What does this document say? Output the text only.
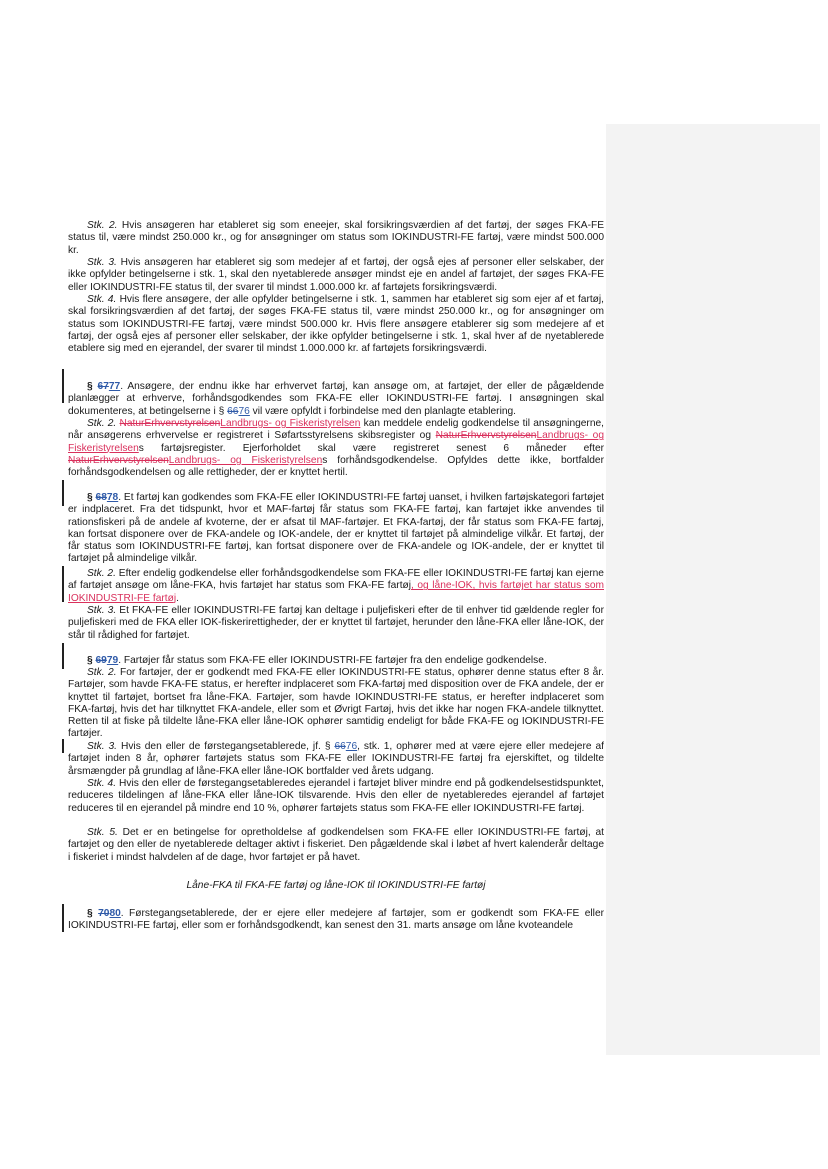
Stk. 2. Hvis ansøgeren har etableret sig som eneejer, skal forsikringsværdien af det fartøj, der søges FKA-FE status til, være mindst 250.000 kr., og for ansøgninger om status som IOKINDUSTRI-FE fartøj, være mindst 500.000 kr.

Stk. 3. Hvis ansøgeren har etableret sig som medejer af et fartøj, der også ejes af personer eller selskaber, der ikke opfylder betingelserne i stk. 1, skal den nyetablerede ansøger mindst eje en andel af fartøjet, der søges FKA-FE eller IOKINDUSTRI-FE status til, der svarer til mindst 1.000.000 kr. af fartøjets forsikringsværdi.

Stk. 4. Hvis flere ansøgere, der alle opfylder betingelserne i stk. 1, sammen har etableret sig som ejer af et fartøj, skal forsikringsværdien af det fartøj, der søges FKA-FE status til, være mindst 250.000 kr., og for ansøgninger om status som IOKINDUSTRI-FE fartøj, være mindst 500.000 kr. Hvis flere ansøgere etablerer sig som medejere af et fartøj, der også ejes af personer eller selskaber, der ikke opfylder betingelserne i stk. 1, skal hver af de nyetablerede etablere sig med en ejerandel, der svarer til mindst 1.000.000 kr. af fartøjets forsikringsværdi.

§ 6777. Ansøgere, der endnu ikke har erhvervet fartøj, kan ansøge om, at fartøjet, der eller de pågældende planlægger at erhverve, forhåndsgodkendes som FKA-FE eller IOKINDUSTRI-FE fartøj. I ansøgningen skal dokumenteres, at betingelserne i § 6676 vil være opfyldt i forbindelse med den planlagte etablering.

Stk. 2. NaturErhvervstyrelsenLandbrugs- og Fiskeristyrelsen kan meddele endelig godkendelse til ansøgningerne, når ansøgerens erhvervelse er registreret i Søfartsstyrelsens skibsregister og NaturErhvervstyrelsenLandbrugs- og Fiskeristyrelsens fartøjsregister. Ejerforholdet skal være registreret senest 6 måneder efter NaturErhvervstyrelsenLandbrugs- og Fiskeristyrelsens forhåndsgodkendelse. Opfyldes dette ikke, bortfalder forhåndsgodkendelsen og alle rettigheder, der er knyttet hertil.

§ 6878. Et fartøj kan godkendes som FKA-FE eller IOKINDUSTRI-FE fartøj uanset, i hvilken fartøjskategori fartøjet er indplaceret. Fra det tidspunkt, hvor et MAF-fartøj får status som FKA-FE fartøj, kan fartøjet ikke anvendes til rationsfiskeri på de andele af kvoterne, der er afsat til MAF-fartøjer. Et FKA-fartøj, der får status som FKA-FE fartøj, kan fortsat disponere over de FKA-andele og IOK-andele, der er knyttet til fartøjet på almindelige vilkår. Et fartøj, der får status som IOKINDUSTRI-FE fartøj, kan fortsat disponere over de FKA-andele og IOK-andele, der er knyttet til fartøjet på almindelige vilkår.

Stk. 2. Efter endelig godkendelse eller forhåndsgodkendelse som FKA-FE eller IOKINDUSTRI-FE fartøj kan ejerne af fartøjet ansøge om låne-FKA, hvis fartøjet har status som FKA-FE fartøj, og låne-IOK, hvis fartøjet har status som IOKINDUSTRI-FE fartøj.

Stk. 3. Et FKA-FE eller IOKINDUSTRI-FE fartøj kan deltage i puljefiskeri efter de til enhver tid gældende regler for puljefiskeri med de FKA eller IOK-fiskerirettigheder, der er knyttet til fartøjet, herunder den låne-FKA eller låne-IOK, der står til rådighed for fartøjet.

§ 6979. Fartøjer får status som FKA-FE eller IOKINDUSTRI-FE fartøjer fra den endelige godkendelse.

Stk. 2. For fartøjer, der er godkendt med FKA-FE eller IOKINDUSTRI-FE status, ophører denne status efter 8 år. Fartøjer, som havde FKA-FE status, er herefter indplaceret som FKA-fartøj med disposition over de FKA andele, der er knyttet til fartøjet, bortset fra låne-FKA. Fartøjer, som havde IOKINDUSTRI-FE status, er herefter indplaceret som FKA-fartøj, hvis det har tilknyttet FKA-andele, eller som et Øvrigt Fartøj, hvis det ikke har nogen FKA-andele tilknyttet. Retten til at fiske på tildelte låne-FKA eller låne-IOK ophører samtidig endeligt for både FKA-FE og IOKINDUSTRI-FE fartøjer.

Stk. 3. Hvis den eller de førstegangsetablerede, jf. § 6676, stk. 1, ophører med at være ejere eller medejere af fartøjet inden 8 år, ophører fartøjets status som FKA-FE eller IOKINDUSTRI-FE fartøj fra ejerskiftet, og tildelte årsmængder på grundlag af låne-FKA eller låne-IOK bortfalder ved årets udgang.

Stk. 4. Hvis den eller de førstegangsetableredes ejerandel i fartøjet bliver mindre end på godkendelsestidspunktet, reduceres tildelingen af låne-FKA eller låne-IOK tilsvarende. Hvis den eller de nyetableredes ejerandel af fartøjet reduceres til en ejerandel på mindre end 10 %, ophører fartøjets status som FKA-FE eller IOKINDUSTRI-FE fartøj.

Stk. 5. Det er en betingelse for opretholdelse af godkendelsen som FKA-FE eller IOKINDUSTRI-FE fartøj, at fartøjet og den eller de nyetablerede deltager aktivt i fiskeriet. Den pågældende skal i løbet af hvert kalenderår deltage i fiskeriet i mindst halvdelen af de dage, hvor fartøjet er på havet.

Låne-FKA til FKA-FE fartøj og låne-IOK til IOKINDUSTRI-FE fartøj

§ 7080. Førstegangsetablerede, der er ejere eller medejere af fartøjer, som er godkendt som FKA-FE eller IOKINDUSTRI-FE fartøj, eller som er forhåndsgodkendt, kan senest den 31. marts ansøge om låne kvoteandele
